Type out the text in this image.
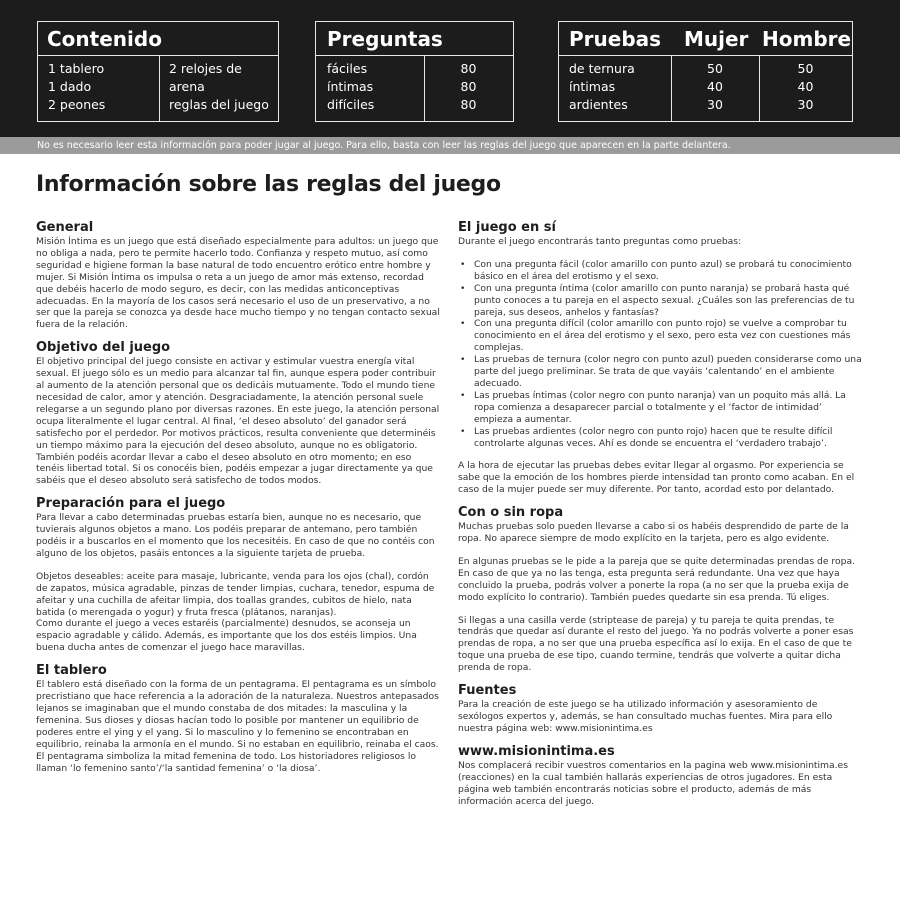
Contenido
1 tablero
1 dado
2 peones
2 relojes de arena
reglas del juego
Preguntas
fáciles
íntimas
difíciles
80
80
80
Pruebas Mujer Hombre
de ternura
íntimas
ardientes
50
40
30
50
40
30
No es necesario leer esta información para poder jugar al juego. Para ello, basta con leer las reglas del juego que aparecen en la parte delantera.
Información sobre las reglas del juego
General

Misión Íntima es un juego que está diseñado especialmente para adultos: un juego que no obliga a nada, pero te permite hacerlo todo. Confianza y respeto mutuo, así como seguridad e higiene forman la base natural de todo encuentro erótico entre hombre y mujer. Si Misión Íntima os impulsa o reta a un juego de amor más extenso, recordad que debéis hacerlo de modo seguro, es decir, con las medidas anticonceptivas adecuadas. En la mayoría de los casos será necesario el uso de un preservativo, a no ser que la pareja se conozca ya desde hace mucho tiempo y no tengan contacto sexual fuera de la relación.

Objetivo del juego

El objetivo principal del juego consiste en activar y estimular vuestra energía vital sexual. El juego sólo es un medio para alcanzar tal fin, aunque espera poder contribuir al aumento de la atención personal que os dedicáis mutuamente. Todo el mundo tiene necesidad de calor, amor y atención. Desgraciadamente, la atención personal suele relegarse a un segundo plano por diversas razones. En este juego, la atención personal ocupa literalmente el lugar central. Al final, ‘el deseo absoluto’ del ganador será satisfecho por el perdedor. Por motivos prácticos, resulta conveniente que determinéis un tiempo máximo para la ejecución del deseo absoluto, aunque no es obligatorio. También podéis acordar llevar a cabo el deseo absoluto en otro momento; en eso tenéis libertad total. Si os conocéis bien, podéis empezar a jugar directamente ya que sabéis que el deseo absoluto será satisfecho de todos modos.

Preparación para el juego

Para llevar a cabo determinadas pruebas estaría bien, aunque no es necesario, que tuvierais algunos objetos a mano. Los podéis preparar de antemano, pero también podéis ir a buscarlos en el momento que los necesitéis. En caso de que no contéis con alguno de los objetos, pasáis entonces a la siguiente tarjeta de prueba.

Objetos deseables: aceite para masaje, lubricante, venda para los ojos (chal), cordón de zapatos, música agradable, pinzas de tender limpias, cuchara, tenedor, espuma de afeitar y una cuchilla de afeitar limpia, dos toallas grandes, cubitos de hielo, nata batida (o merengada o yogur) y fruta fresca (plátanos, naranjas).

Como durante el juego a veces estaréis (parcialmente) desnudos, se aconseja un espacio agradable y cálido. Además, es importante que los dos estéis limpios. Una buena ducha antes de comenzar el juego hace maravillas.

El tablero

El tablero está diseñado con la forma de un pentagrama. El pentagrama es un símbolo precristiano que hace referencia a la adoración de la naturaleza. Nuestros antepasados lejanos se imaginaban que el mundo constaba de dos mitades: la masculina y la femenina. Sus dioses y diosas hacían todo lo posible por mantener un equilibrio de poderes entre el ying y el yang. Si lo masculino y lo femenino se encontraban en equilibrio, reinaba la armonía en el mundo. Si no estaban en equilibrio, reinaba el caos. El pentagrama simboliza la mitad femenina de todo. Los historiadores religiosos lo llaman ‘lo femenino santo’/‘la santidad femenina’ o ‘la diosa’.

El juego en sí

Durante el juego encontrarás tanto preguntas como pruebas:

• Con una pregunta fácil (color amarillo con punto azul) se probará tu conocimiento básico en el área del erotismo y el sexo.
• Con una pregunta íntima (color amarillo con punto naranja) se probará hasta qué punto conoces a tu pareja en el aspecto sexual. ¿Cuáles son las preferencias de tu pareja, sus deseos, anhelos y fantasías?
• Con una pregunta difícil (color amarillo con punto rojo) se vuelve a comprobar tu conocimiento en el área del erotismo y el sexo, pero esta vez con cuestiones más complejas.
• Las pruebas de ternura (color negro con punto azul) pueden considerarse como una parte del juego preliminar. Se trata de que vayáis ‘calentando’ en el ambiente adecuado.
• Las pruebas íntimas (color negro con punto naranja) van un poquito más allá. La ropa comienza a desaparecer parcial o totalmente y el ‘factor de intimidad’ empieza a aumentar.
• Las pruebas ardientes (color negro con punto rojo) hacen que te resulte difícil controlarte algunas veces. Ahí es donde se encuentra el ‘verdadero trabajo’.

A la hora de ejecutar las pruebas debes evitar llegar al orgasmo. Por experiencia se sabe que la emoción de los hombres pierde intensidad tan pronto como acaban. En el caso de la mujer puede ser muy diferente. Por tanto, acordad esto por delantado.

Con o sin ropa

Muchas pruebas solo pueden llevarse a cabo si os habéis desprendido de parte de la ropa. No aparece siempre de modo explícito en la tarjeta, pero es algo evidente.

En algunas pruebas se le pide a la pareja que se quite determinadas prendas de ropa. En caso de que ya no las tenga, esta pregunta será redundante. Una vez que haya concluido la prueba, podrás volver a ponerte la ropa (a no ser que la prueba exija de modo explícito lo contrario). También puedes quedarte sin esa prenda. Tú eliges.

Si llegas a una casilla verde (striptease de pareja) y tu pareja te quita prendas, te tendrás que quedar así durante el resto del juego. Ya no podrás volverte a poner esas prendas de ropa, a no ser que una prueba específica así lo exija. En el caso de que te toque una prueba de ese tipo, cuando termine, tendrás que volverte a quitar dicha prenda de ropa.

Fuentes

Para la creación de este juego se ha utilizado información y asesoramiento de sexólogos expertos y, además, se han consultado muchas fuentes. Mira para ello nuestra página web: www.misionintima.es

www.misionintima.es

Nos complacerá recibir vuestros comentarios en la pagina web www.misionintima.es (reacciones) en la cual también hallarás experiencias de otros jugadores. En esta página web también encontrarás noticias sobre el producto, además de más información acerca del juego.
